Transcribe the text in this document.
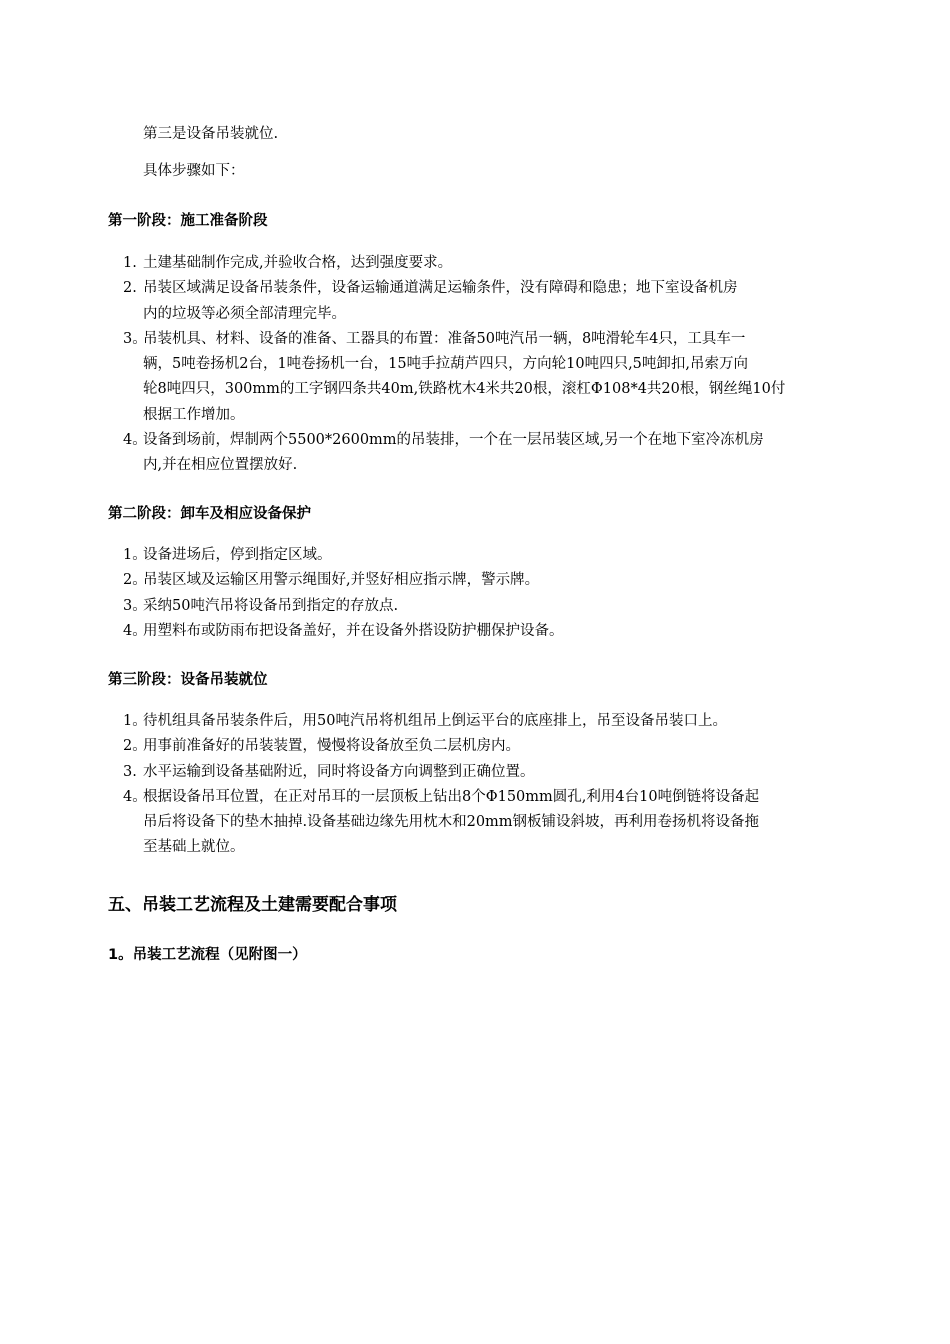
第三是设备吊装就位.
具体步骤如下：
第一阶段：施工准备阶段
1. 土建基础制作完成,并验收合格，达到强度要求。
2. 吊装区域满足设备吊装条件，设备运输通道满足运输条件，没有障碍和隐患；地下室设备机房
内的垃圾等必须全部清理完毕。
3。
吊装机具、材料、设备的准备、工器具的布置：准备50吨汽吊一辆，8吨滑轮车4只，工具车一
辆，5吨卷扬机2台，1吨卷扬机一台，15吨手拉葫芦四只，方向轮10吨四只,5吨卸扣,吊索万向
轮8吨四只，300mm的工字钢四条共40m,铁路枕木4米共20根，滚杠Φ108*4共20根，钢丝绳10付
根据工作增加。
4。
设备到场前，焊制两个5500*2600mm的吊装排，一个在一层吊装区域,另一个在地下室冷冻机房
内,并在相应位置摆放好.
第二阶段：卸车及相应设备保护
1。
设备进场后，停到指定区域。
2。
吊装区域及运输区用警示绳围好,并竖好相应指示牌，警示牌。
3。
采纳50吨汽吊将设备吊到指定的存放点.
4。
用塑料布或防雨布把设备盖好，并在设备外搭设防护棚保护设备。
第三阶段：设备吊装就位
1。
待机组具备吊装条件后，用50吨汽吊将机组吊上倒运平台的底座排上，吊至设备吊装口上。
2。
用事前准备好的吊装装置，慢慢将设备放至负二层机房内。
3. 水平运输到设备基础附近，同时将设备方向调整到正确位置。
4。
根据设备吊耳位置，在正对吊耳的一层顶板上钻出8个Φ150mm圆孔,利用4台10吨倒链将设备起
吊后将设备下的垫木抽掉.设备基础边缘先用枕木和20mm钢板铺设斜坡，再利用卷扬机将设备拖
至基础上就位。
五、吊装工艺流程及土建需要配合事项
1。吊装工艺流程（见附图一）
